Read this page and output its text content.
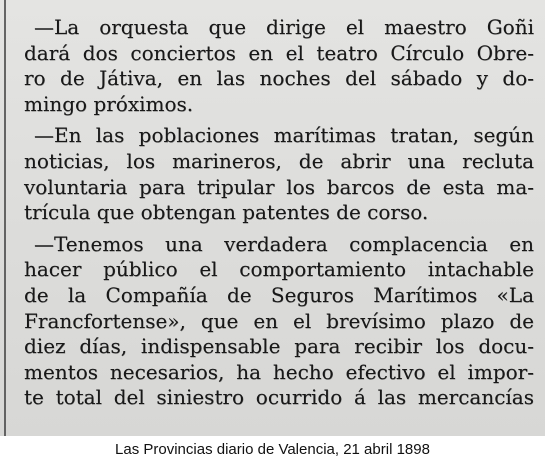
—La orquesta que dirige el maestro Goñi
dará dos conciertos en el teatro Círculo Obre-
ro de Játiva, en las noches del sábado y do-
mingo próximos.
—En las poblaciones marítimas tratan, según
noticias, los marineros, de abrir una recluta
voluntaria para tripular los barcos de esta ma-
trícula que obtengan patentes de corso.
—Tenemos una verdadera complacencia en
hacer público el comportamiento intachable
de la Compañía de Seguros Marítimos «La
Francfortense», que en el brevísimo plazo de
diez días, indispensable para recibir los docu-
mentos necesarios, ha hecho efectivo el impor-
te total del siniestro ocurrido á las mercancías
Las Provincias diario de Valencia, 21 abril 1898
